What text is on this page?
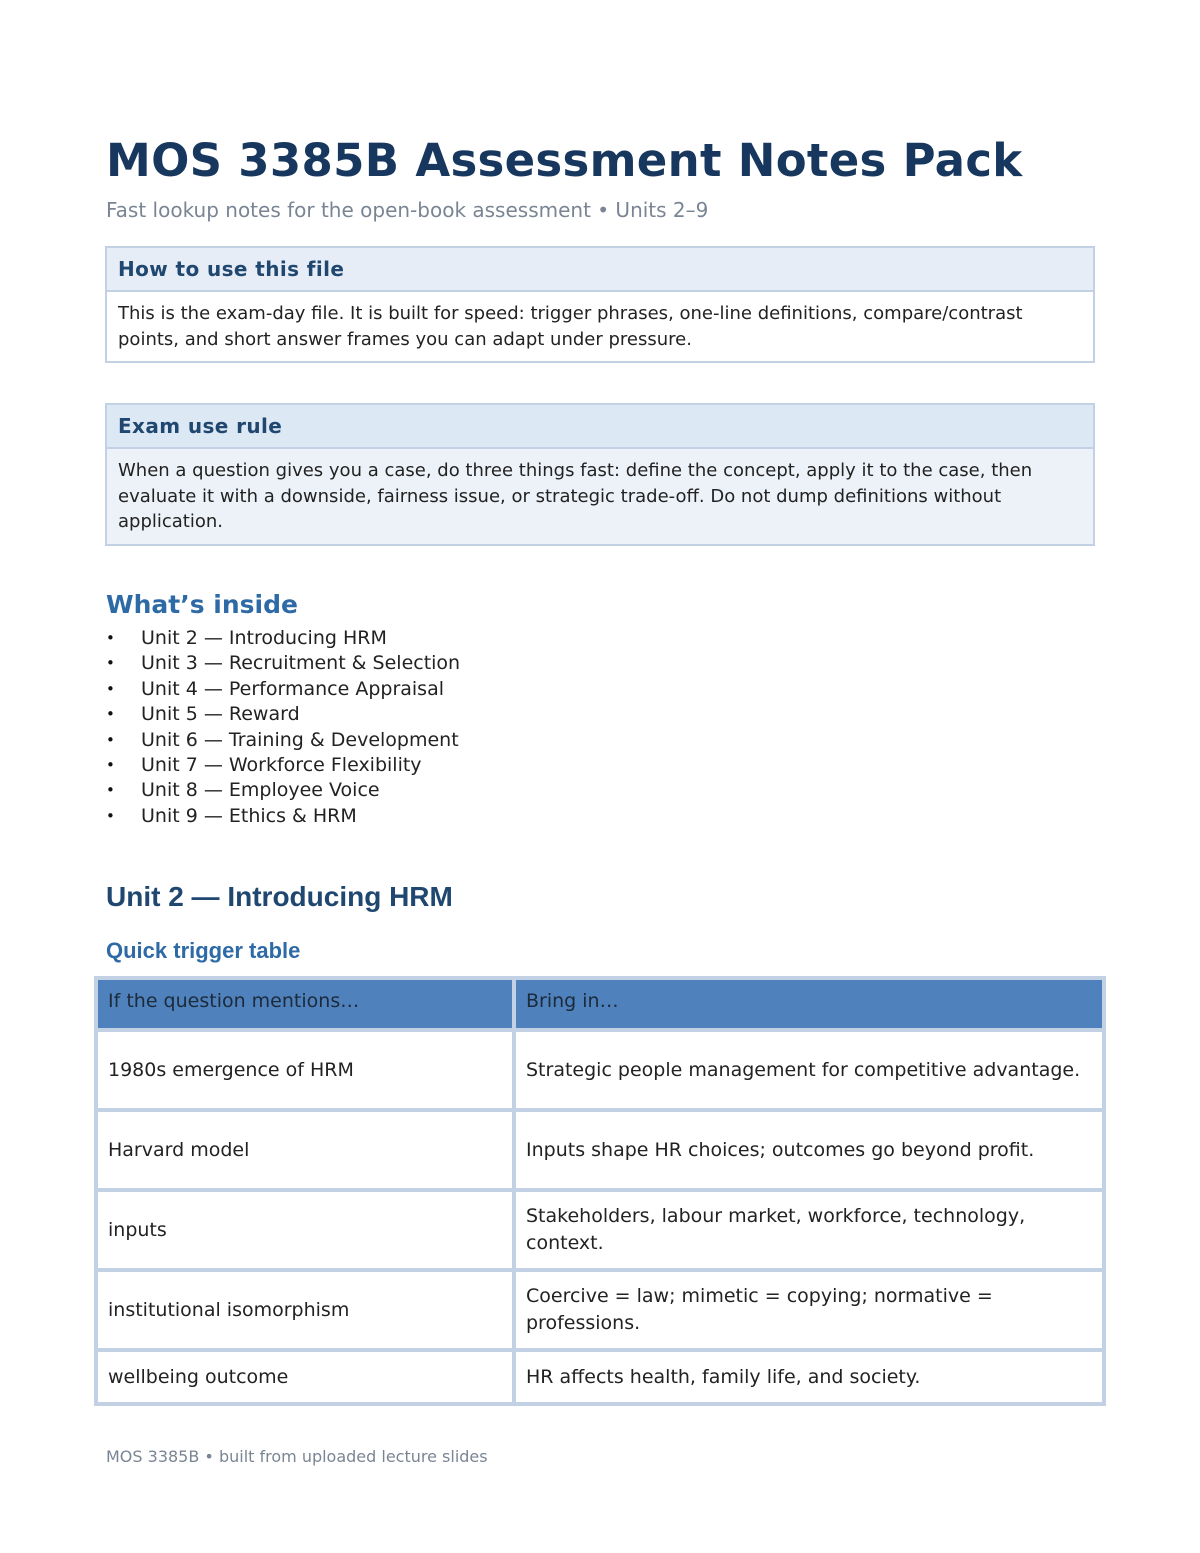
MOS 3385B Assessment Notes Pack
Fast lookup notes for the open-book assessment • Units 2–9
How to use this file
This is the exam-day file. It is built for speed: trigger phrases, one-line definitions, compare/contrast points, and short answer frames you can adapt under pressure.
Exam use rule
When a question gives you a case, do three things fast: define the concept, apply it to the case, then evaluate it with a downside, fairness issue, or strategic trade-off. Do not dump definitions without application.
What’s inside
• Unit 2 — Introducing HRM
• Unit 3 — Recruitment & Selection
• Unit 4 — Performance Appraisal
• Unit 5 — Reward
• Unit 6 — Training & Development
• Unit 7 — Workforce Flexibility
• Unit 8 — Employee Voice
• Unit 9 — Ethics & HRM
Unit 2 — Introducing HRM
Quick trigger table
If the question mentions…	Bring in…
1980s emergence of HRM	Strategic people management for competitive advantage.
Harvard model	Inputs shape HR choices; outcomes go beyond profit.
inputs	Stakeholders, labour market, workforce, technology, context.
institutional isomorphism	Coercive = law; mimetic = copying; normative = professions.
wellbeing outcome	HR affects health, family life, and society.
MOS 3385B • built from uploaded lecture slides
